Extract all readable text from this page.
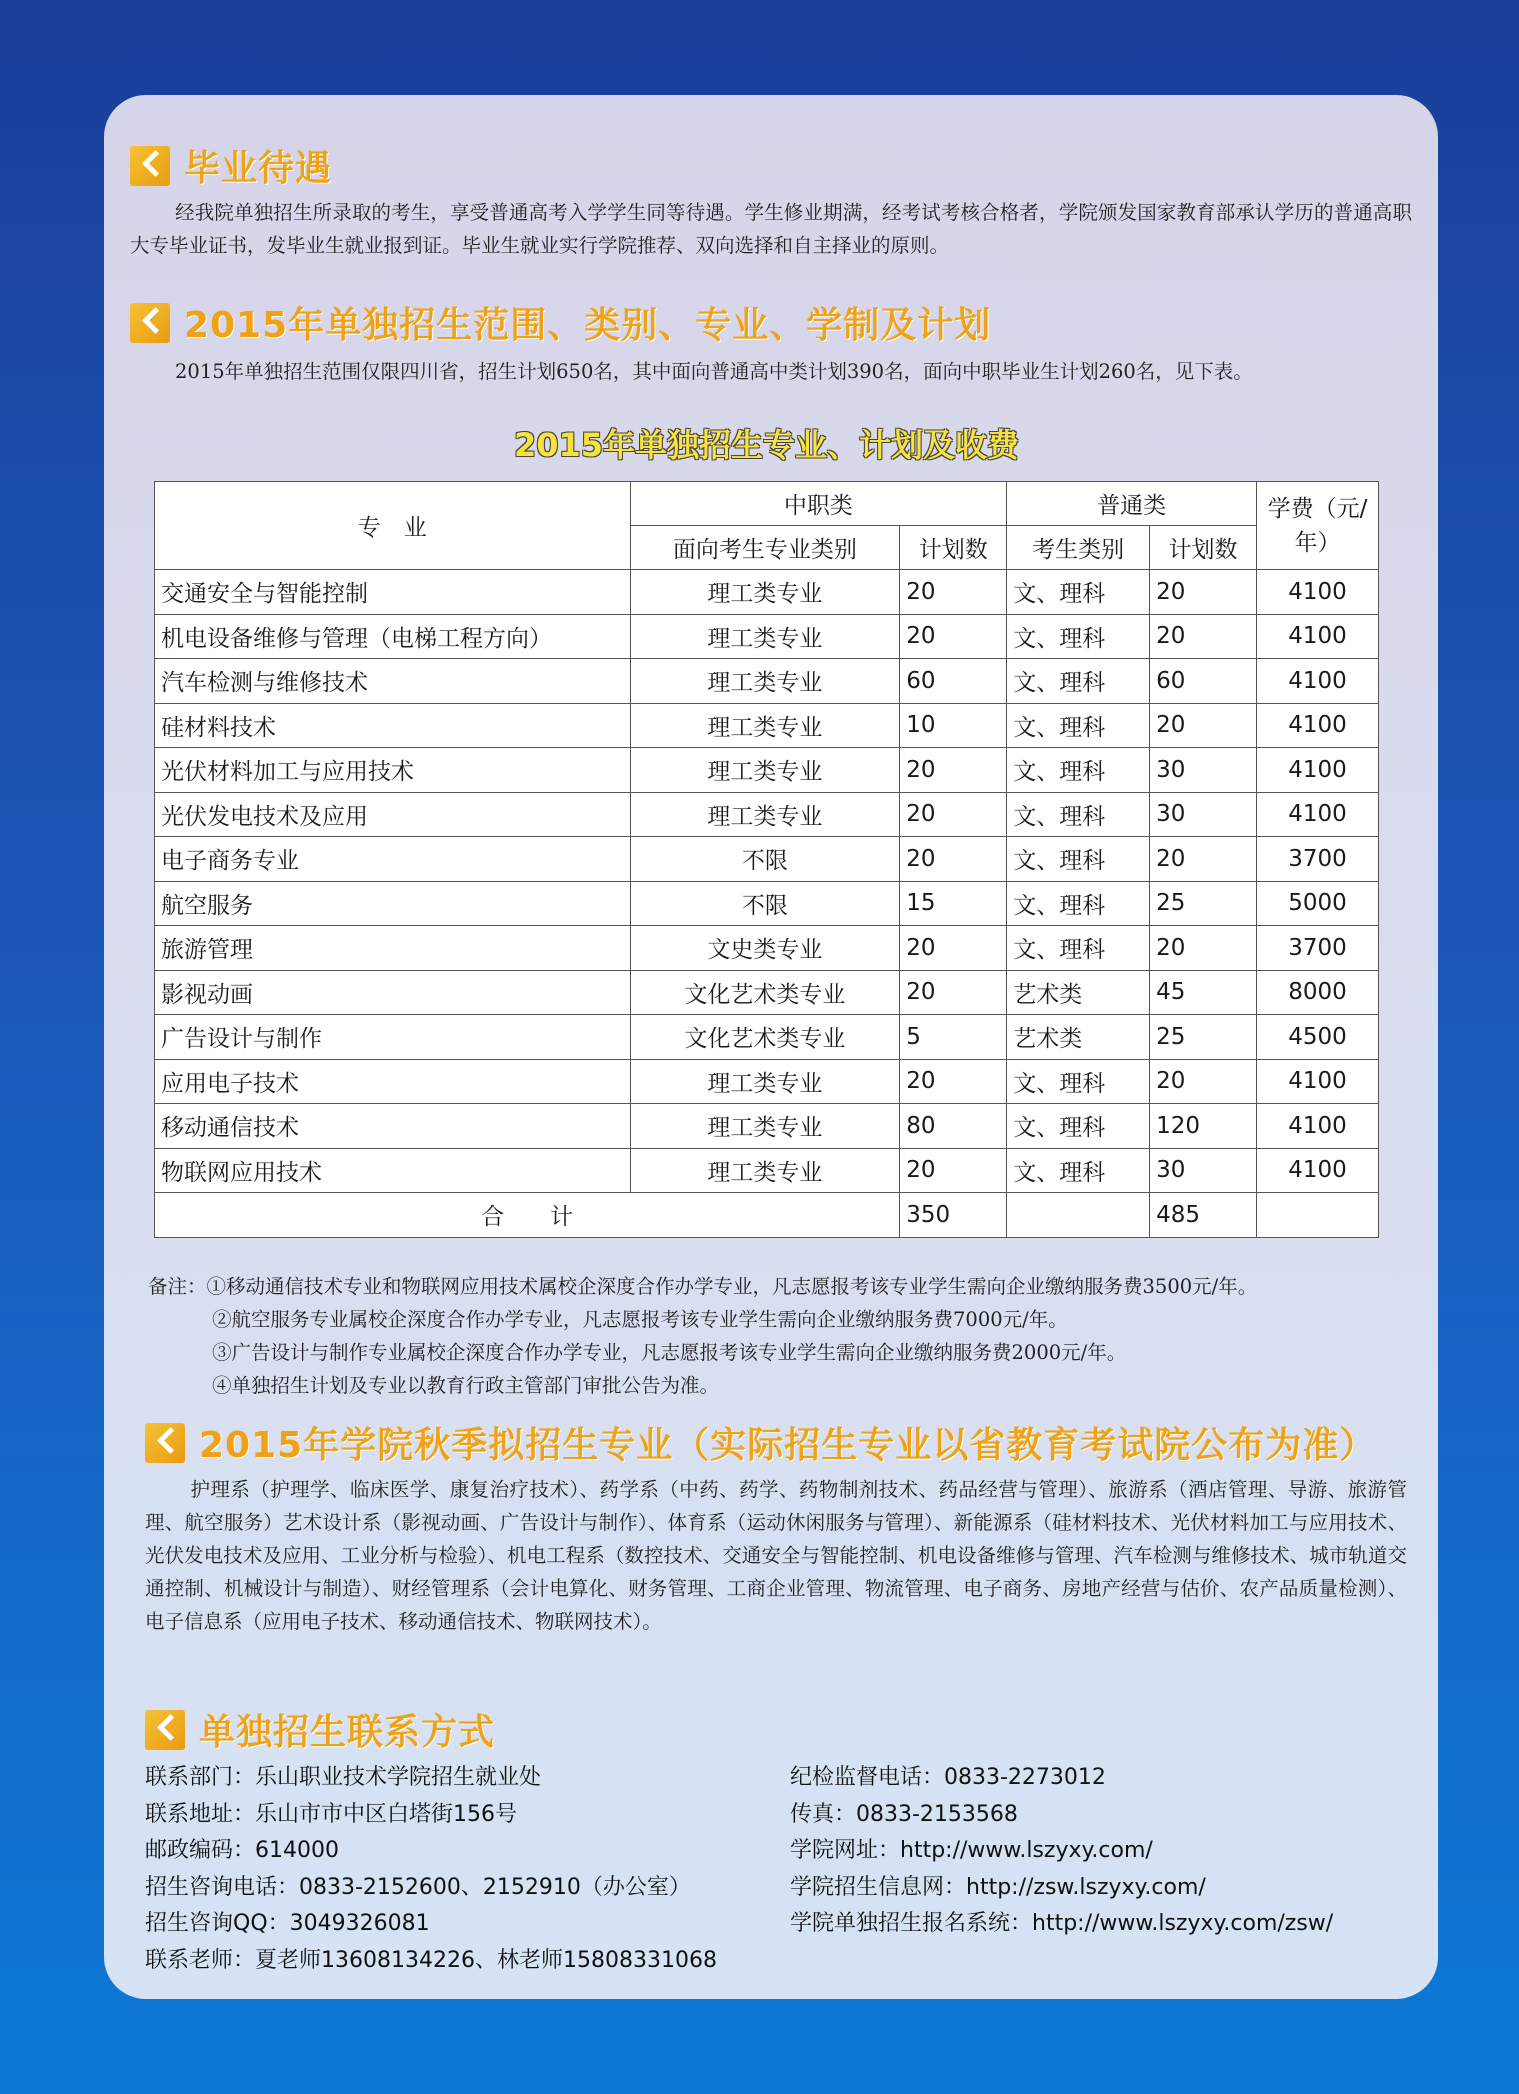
毕业待遇
经我院单独招生所录取的考生，享受普通高考入学学生同等待遇。学生修业期满，经考试考核合格者，学院颁发国家教育部承认学历的普通高职大专毕业证书，发毕业生就业报到证。毕业生就业实行学院推荐、双向选择和自主择业的原则。
2015年单独招生范围、类别、专业、学制及计划
2015年单独招生范围仅限四川省，招生计划650名，其中面向普通高中类计划390名，面向中职毕业生计划260名，见下表。
2015年单独招生专业、计划及收费
专　业	中职类		普通类		学费（元/年）
	面向考生专业类别	计划数	考生类别	计划数	
交通安全与智能控制	理工类专业	20	文、理科	20	4100
机电设备维修与管理（电梯工程方向）	理工类专业	20	文、理科	20	4100
汽车检测与维修技术	理工类专业	60	文、理科	60	4100
硅材料技术	理工类专业	10	文、理科	20	4100
光伏材料加工与应用技术	理工类专业	20	文、理科	30	4100
光伏发电技术及应用	理工类专业	20	文、理科	30	4100
电子商务专业	不限	20	文、理科	20	3700
航空服务	不限	15	文、理科	25	5000
旅游管理	文史类专业	20	文、理科	20	3700
影视动画	文化艺术类专业	20	艺术类	45	8000
广告设计与制作	文化艺术类专业	5	艺术类	25	4500
应用电子技术	理工类专业	20	文、理科	20	4100
移动通信技术	理工类专业	80	文、理科	120	4100
物联网应用技术	理工类专业	20	文、理科	30	4100
合　　计		350		485	
备注：①移动通信技术专业和物联网应用技术属校企深度合作办学专业，凡志愿报考该专业学生需向企业缴纳服务费3500元/年。
②航空服务专业属校企深度合作办学专业，凡志愿报考该专业学生需向企业缴纳服务费7000元/年。
③广告设计与制作专业属校企深度合作办学专业，凡志愿报考该专业学生需向企业缴纳服务费2000元/年。
④单独招生计划及专业以教育行政主管部门审批公告为准。
2015年学院秋季拟招生专业（实际招生专业以省教育考试院公布为准）
护理系（护理学、临床医学、康复治疗技术）、药学系（中药、药学、药物制剂技术、药品经营与管理）、旅游系（酒店管理、导游、旅游管理、航空服务）艺术设计系（影视动画、广告设计与制作）、体育系（运动休闲服务与管理）、新能源系（硅材料技术、光伏材料加工与应用技术、光伏发电技术及应用、工业分析与检验）、机电工程系（数控技术、交通安全与智能控制、机电设备维修与管理、汽车检测与维修技术、城市轨道交通控制、机械设计与制造）、财经管理系（会计电算化、财务管理、工商企业管理、物流管理、电子商务、房地产经营与估价、农产品质量检测）、电子信息系（应用电子技术、移动通信技术、物联网技术）。
单独招生联系方式
联系部门：乐山职业技术学院招生就业处
联系地址：乐山市市中区白塔街156号
邮政编码：614000
招生咨询电话：0833-2152600、2152910（办公室）
招生咨询QQ：3049326081
联系老师：夏老师13608134226、林老师15808331068
纪检监督电话：0833-2273012
传真：0833-2153568
学院网址：http://www.lszyxy.com/
学院招生信息网：http://zsw.lszyxy.com/
学院单独招生报名系统：http://www.lszyxy.com/zsw/
